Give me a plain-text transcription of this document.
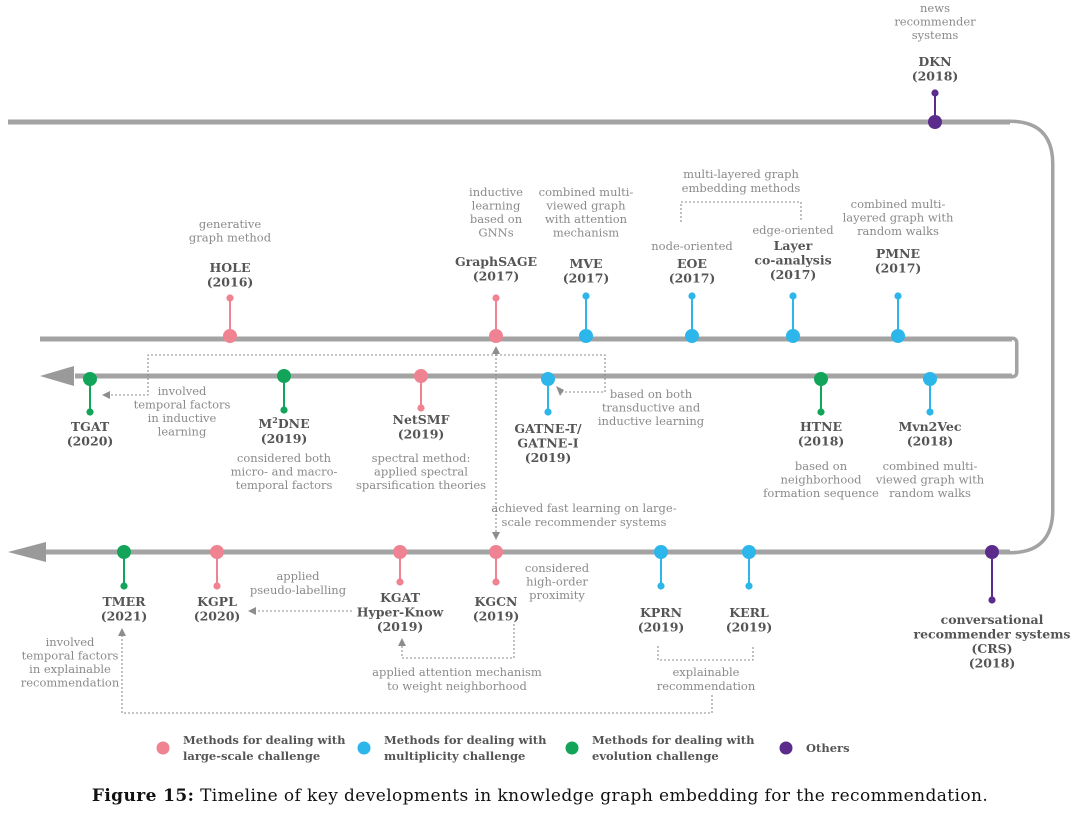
multi-layered graph embedding methods
involved temporal factors in inductive learning
based on both transductive and inductive learning
achieved fast learning on large-scale recommender systems
applied pseudo-labelling
applied attention mechanism to weight neighborhood
explainable recommendation
involved temporal factors in explainable recommendation
DKN (2018)
news recommender systems
HOLE (2016)
generative graph method
GraphSAGE (2017)
inductive learning based on GNNs
MVE (2017)
combined multi-viewed graph with attention mechanism
EOE (2017)
node-oriented	Layer co-analysis (2017)
edge-oriented
PMNE (2017)
combined multi-layered graph with random walks
TGAT (2020)
$M^2DNE$
(2019)
considered both micro- and macro-temporal factors
NetSMF (2019)
spectral method: applied spectral sparsification theories
GATNE-T/ GATNE-I (2019)
HTNE (2018)
based on neighborhood formation sequence
Mvn2Vec (2018)
combined multi-viewed graph with random walks
TMER (2021)
KGPL (2020)
KGAT Hyper-Know (2019)
KGCN (2019)
considered high-order proximity
KPRN (2019)
KERL (2019)	conversational recommender systems (CRS) (2018)
Methods for dealing with large-scale challenge
Methods for dealing with multiplicity challenge
Methods for dealing with evolution challenge
Others
Figure 15: Timeline of key developments in knowledge graph embedding for the recommendation.
